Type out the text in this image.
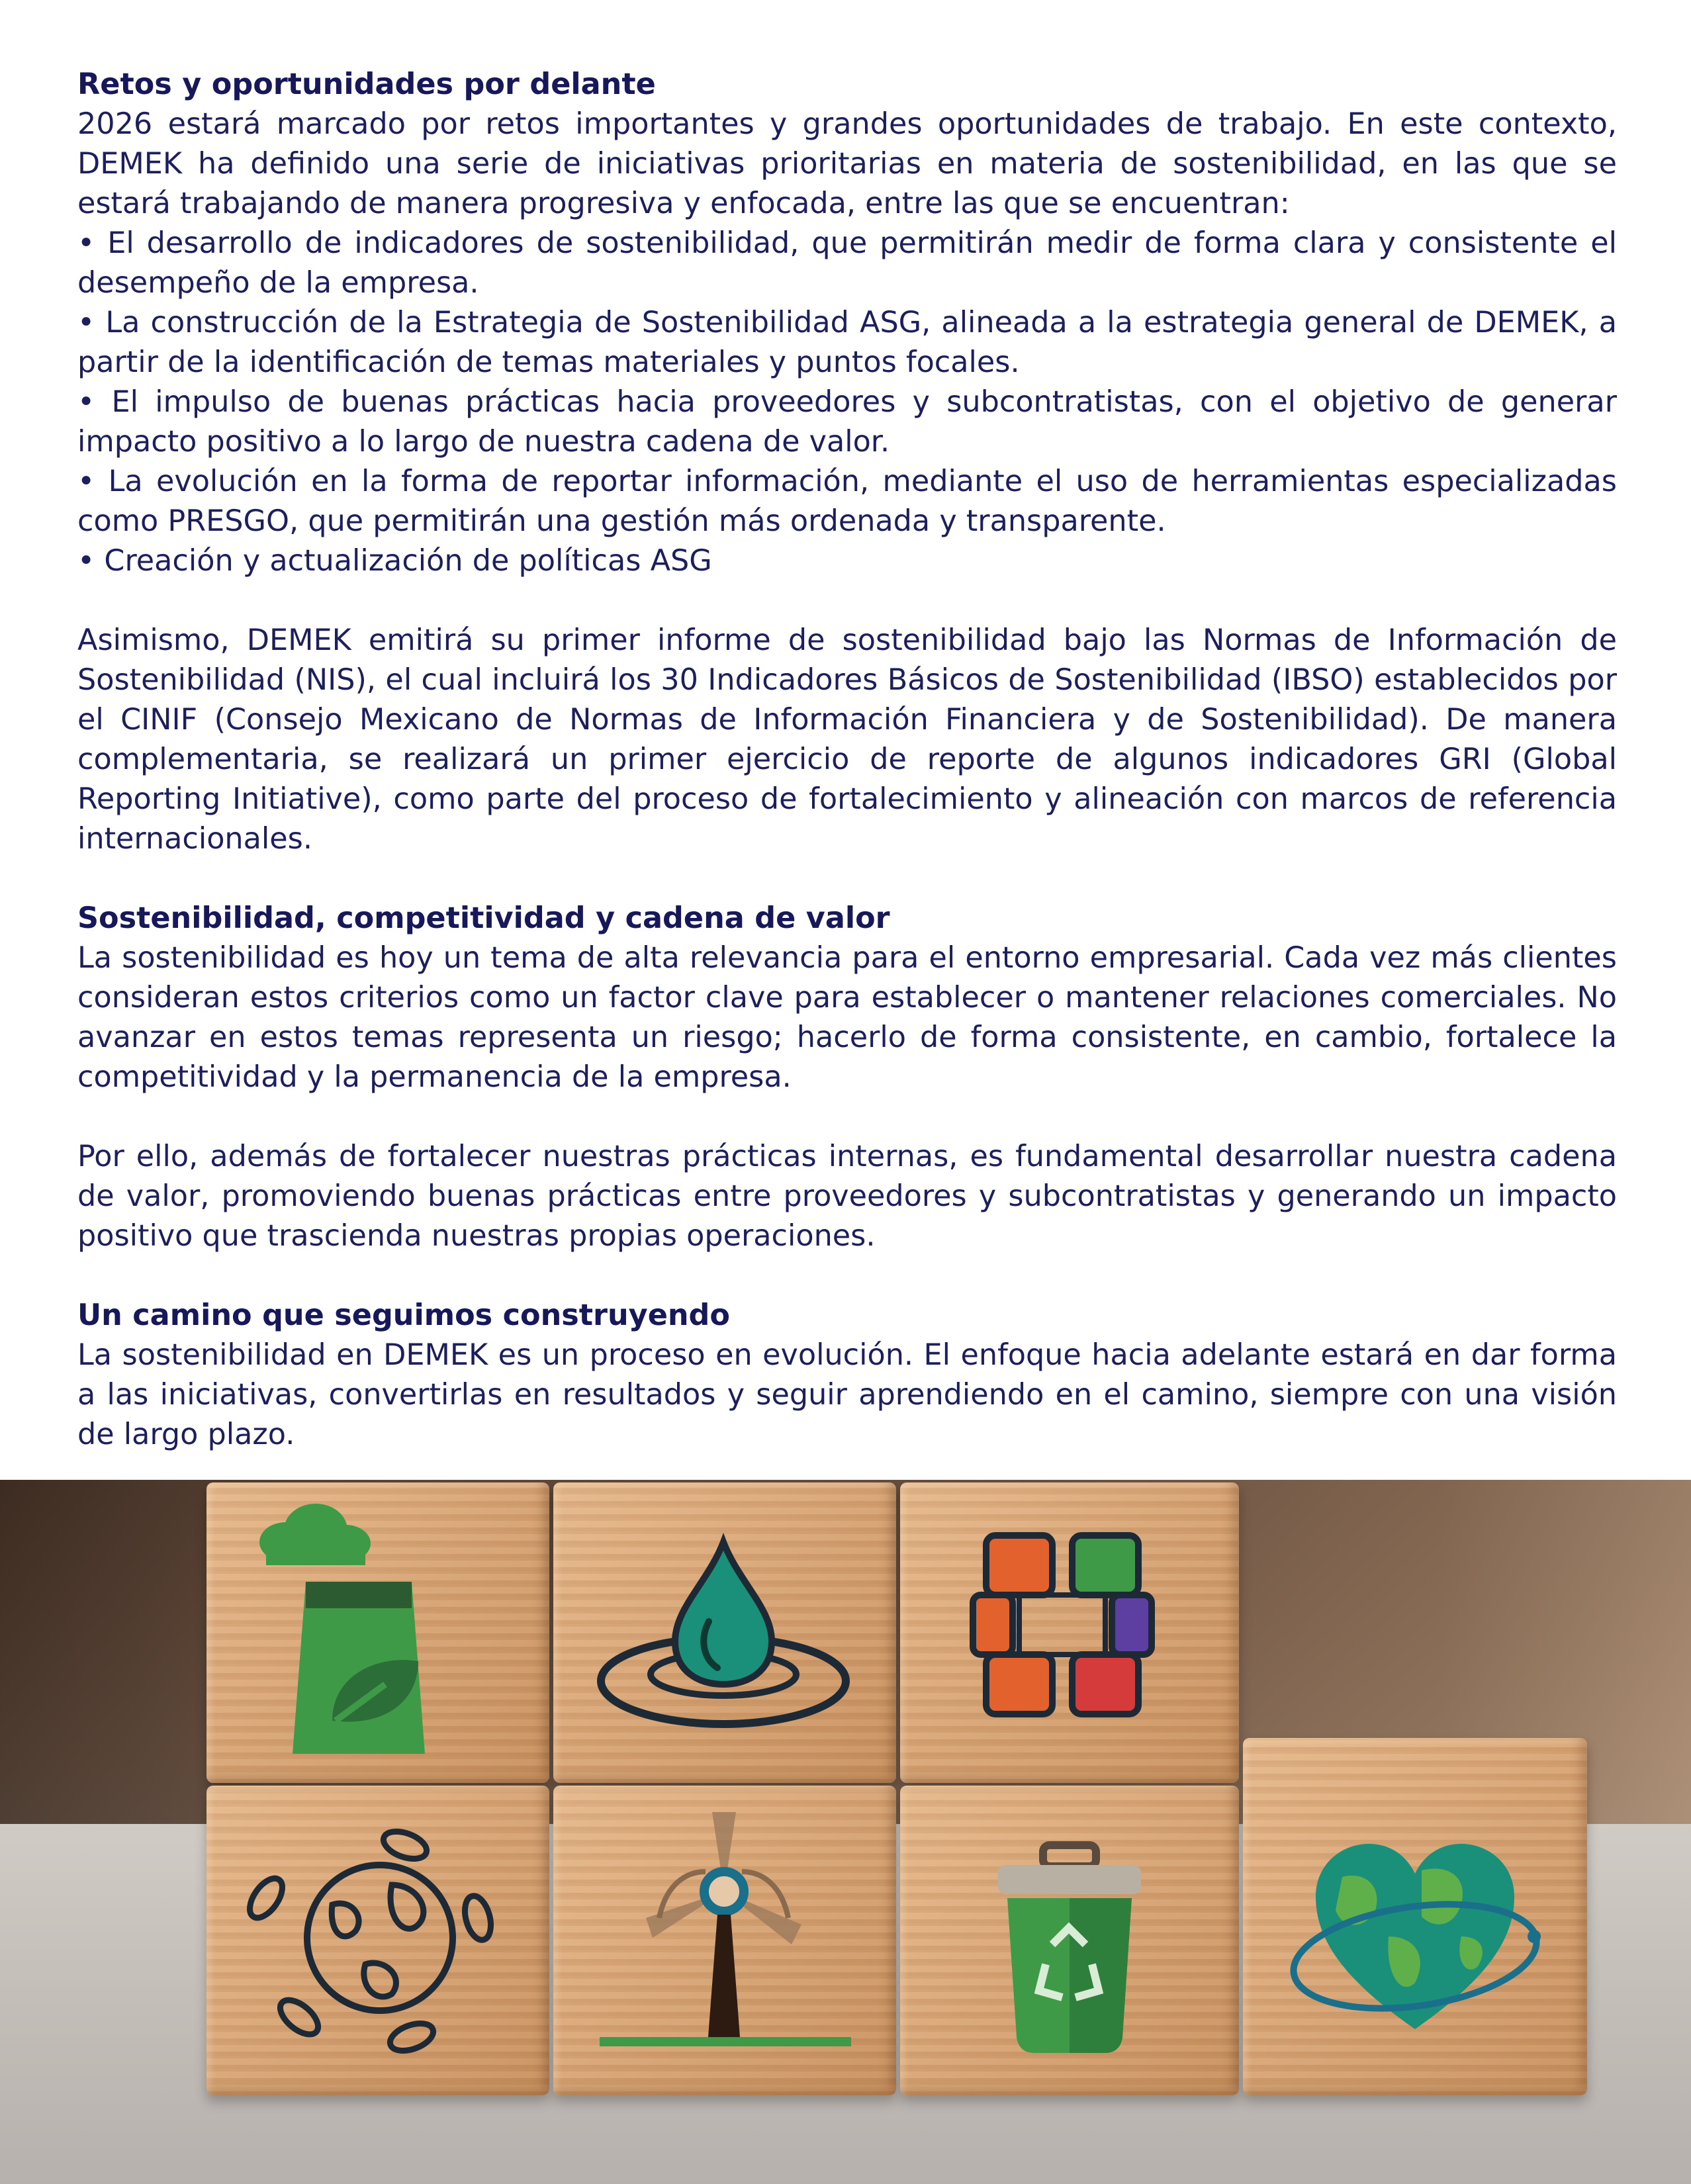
Retos y oportunidades por delante

2026 estará marcado por retos importantes y grandes oportunidades de trabajo. En este contexto, DEMEK ha definido una serie de iniciativas prioritarias en materia de sostenibilidad, en las que se estará trabajando de manera progresiva y enfocada, entre las que se encuentran:

• El desarrollo de indicadores de sostenibilidad, que permitirán medir de forma clara y consistente el desempeño de la empresa.

• La construcción de la Estrategia de Sostenibilidad ASG, alineada a la estrategia general de DEMEK, a partir de la identificación de temas materiales y puntos focales.

• El impulso de buenas prácticas hacia proveedores y subcontratistas, con el objetivo de generar impacto positivo a lo largo de nuestra cadena de valor.

• La evolución en la forma de reportar información, mediante el uso de herramientas especializadas como PRESGO, que permitirán una gestión más ordenada y transparente.

• Creación y actualización de políticas ASG

Asimismo, DEMEK emitirá su primer informe de sostenibilidad bajo las Normas de Información de Sostenibilidad (NIS), el cual incluirá los 30 Indicadores Básicos de Sostenibilidad (IBSO) establecidos por el CINIF (Consejo Mexicano de Normas de Información Financiera y de Sostenibilidad). De manera complementaria, se realizará un primer ejercicio de reporte de algunos indicadores GRI (Global Reporting Initiative), como parte del proceso de fortalecimiento y alineación con marcos de referencia internacionales.

Sostenibilidad, competitividad y cadena de valor

La sostenibilidad es hoy un tema de alta relevancia para el entorno empresarial. Cada vez más clientes consideran estos criterios como un factor clave para establecer o mantener relaciones comerciales. No avanzar en estos temas representa un riesgo; hacerlo de forma consistente, en cambio, fortalece la competitividad y la permanencia de la empresa.

Por ello, además de fortalecer nuestras prácticas internas, es fundamental desarrollar nuestra cadena de valor, promoviendo buenas prácticas entre proveedores y subcontratistas y generando un impacto positivo que trascienda nuestras propias operaciones.

Un camino que seguimos construyendo

La sostenibilidad en DEMEK es un proceso en evolución. El enfoque hacia adelante estará en dar forma a las iniciativas, convertirlas en resultados y seguir aprendiendo en el camino, siempre con una visión de largo plazo.
